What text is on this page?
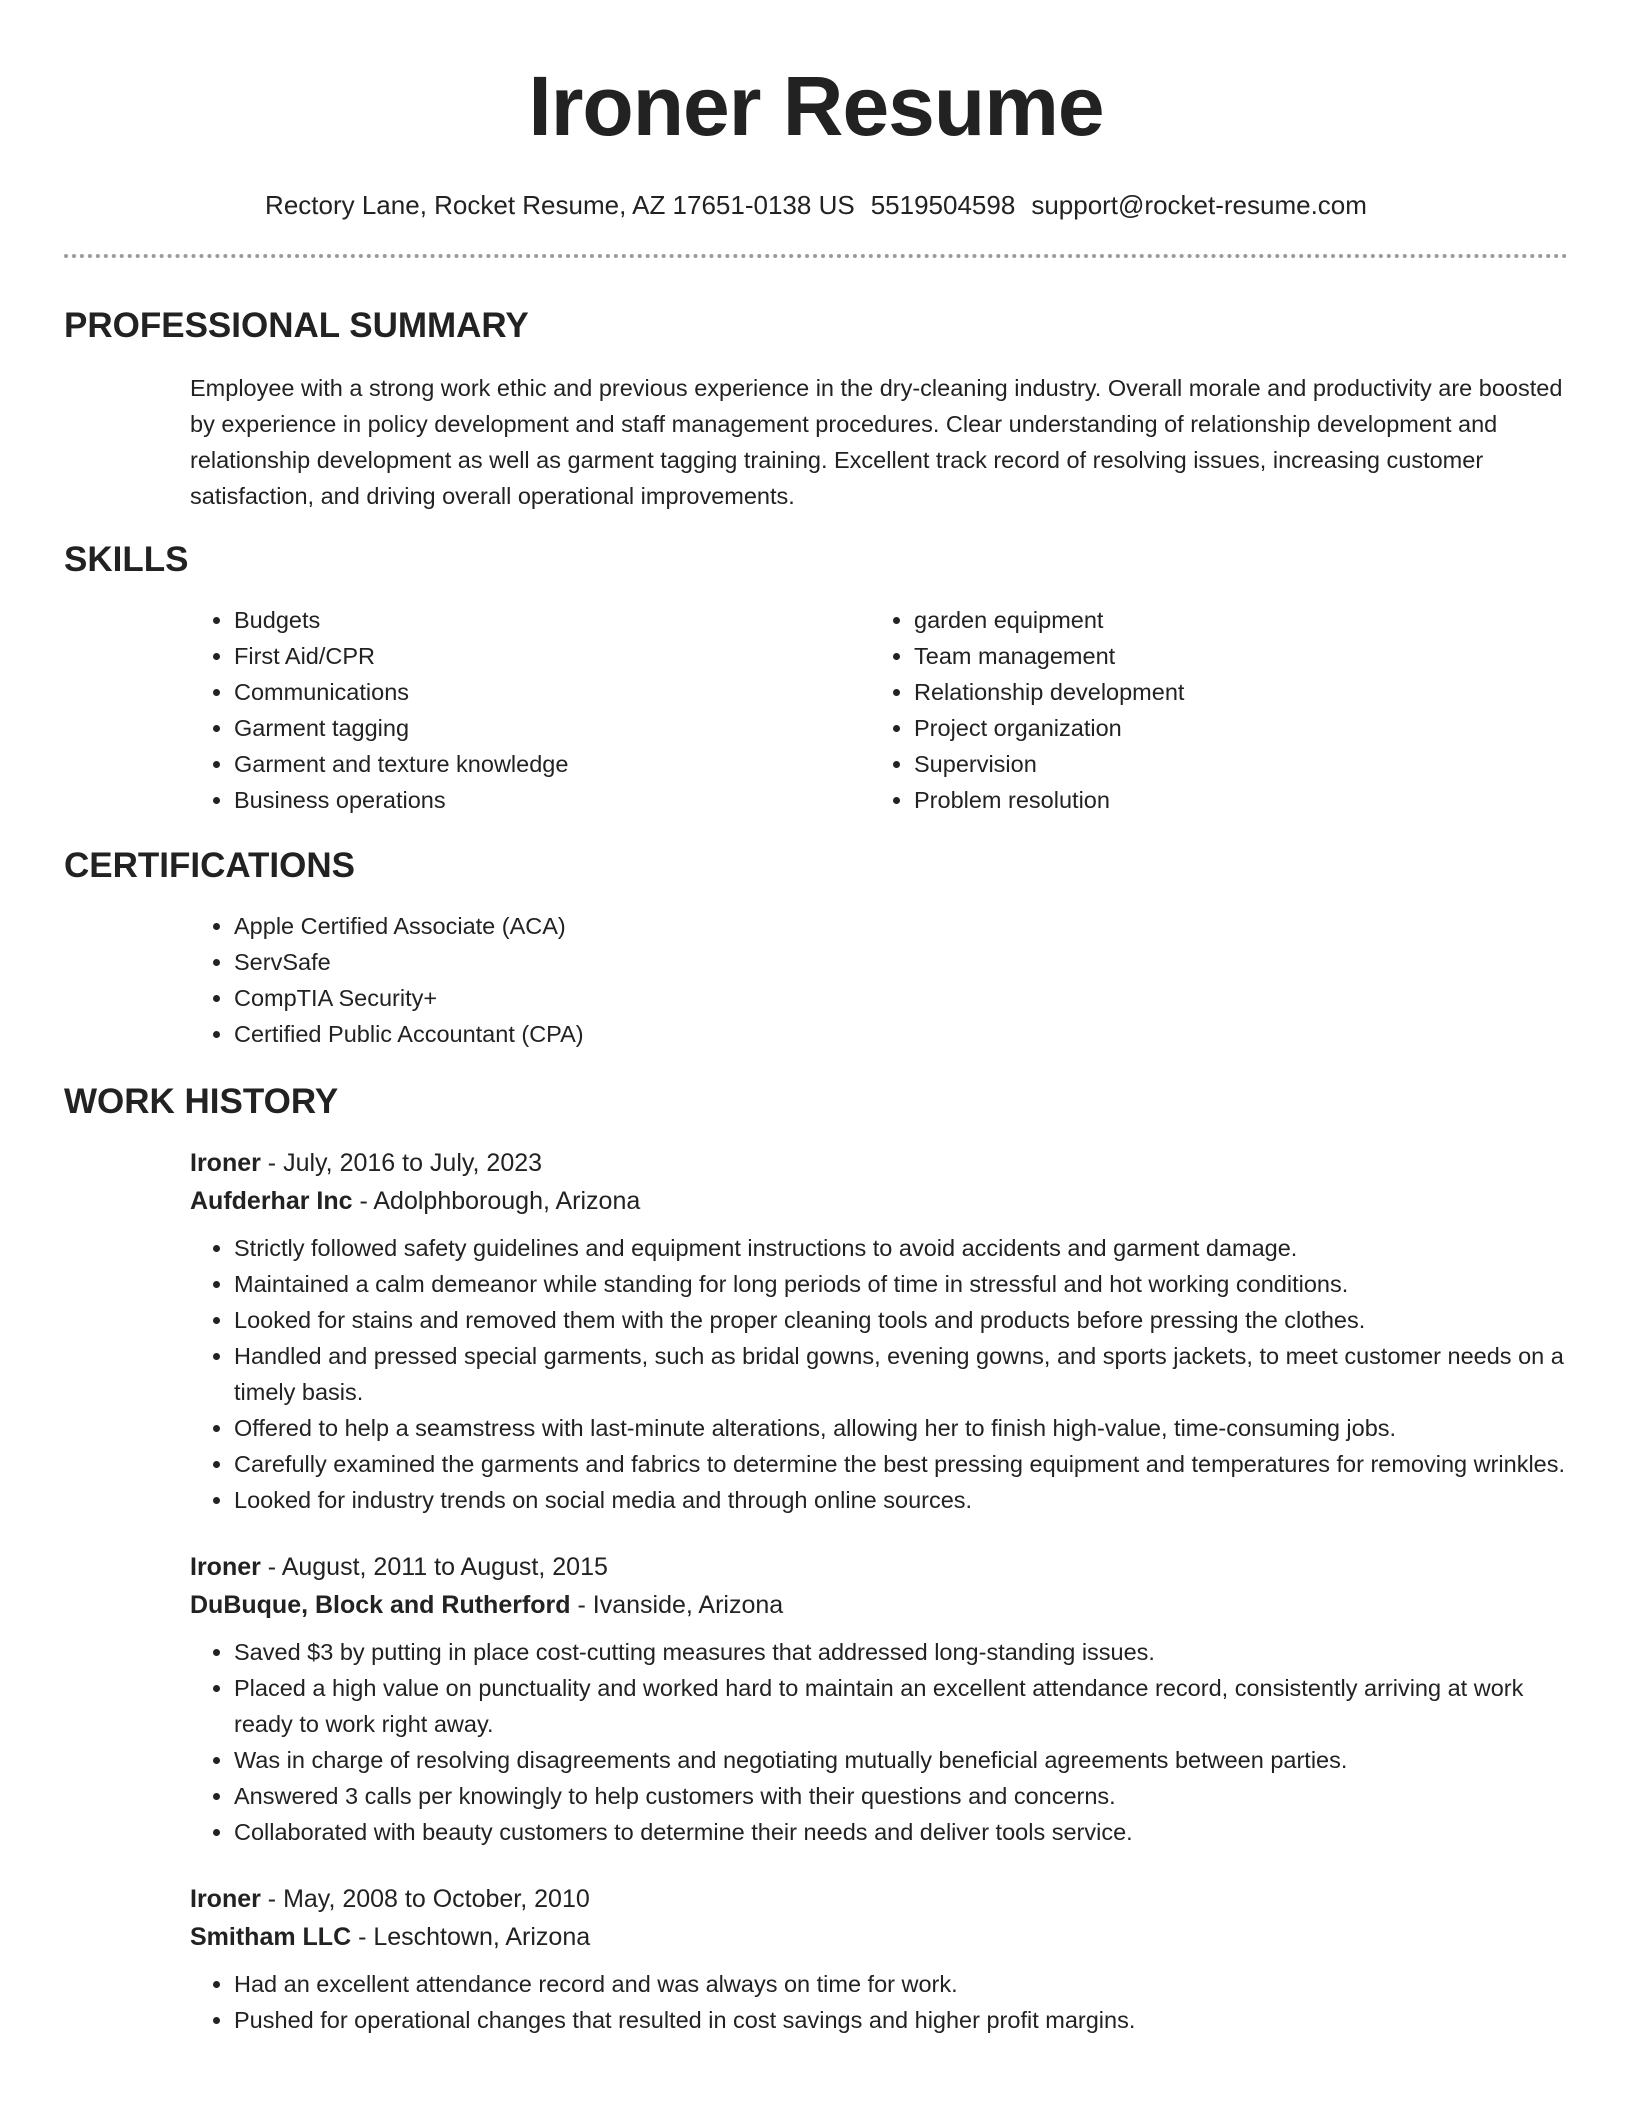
Ironer Resume
Rectory Lane, Rocket Resume, AZ 17651-0138 US 5519504598 support@rocket-resume.com
PROFESSIONAL SUMMARY

Employee with a strong work ethic and previous experience in the dry-cleaning industry. Overall morale and productivity are boosted by experience in policy development and staff management procedures. Clear understanding of relationship development and relationship development as well as garment tagging training. Excellent track record of resolving issues, increasing customer satisfaction, and driving overall operational improvements.

SKILLS
• Budgets
• First Aid/CPR
• Communications
• Garment tagging
• Garment and texture knowledge
• Business operations
• garden equipment
• Team management
• Relationship development
• Project organization
• Supervision
• Problem resolution
CERTIFICATIONS
• Apple Certified Associate (ACA)
• ServSafe
• CompTIA Security+
• Certified Public Accountant (CPA)
WORK HISTORY
Ironer - July, 2016 to July, 2023
Aufderhar Inc - Adolphborough, Arizona
• Strictly followed safety guidelines and equipment instructions to avoid accidents and garment damage.
• Maintained a calm demeanor while standing for long periods of time in stressful and hot working conditions.
• Looked for stains and removed them with the proper cleaning tools and products before pressing the clothes.
• Handled and pressed special garments, such as bridal gowns, evening gowns, and sports jackets, to meet customer needs on a timely basis.
• Offered to help a seamstress with last-minute alterations, allowing her to finish high-value, time-consuming jobs.
• Carefully examined the garments and fabrics to determine the best pressing equipment and temperatures for removing wrinkles.
• Looked for industry trends on social media and through online sources.
Ironer - August, 2011 to August, 2015
DuBuque, Block and Rutherford - Ivanside, Arizona
• Saved $3 by putting in place cost-cutting measures that addressed long-standing issues.
• Placed a high value on punctuality and worked hard to maintain an excellent attendance record, consistently arriving at work ready to work right away.
• Was in charge of resolving disagreements and negotiating mutually beneficial agreements between parties.
• Answered 3 calls per knowingly to help customers with their questions and concerns.
• Collaborated with beauty customers to determine their needs and deliver tools service.
Ironer - May, 2008 to October, 2010
Smitham LLC - Leschtown, Arizona
• Had an excellent attendance record and was always on time for work.
• Pushed for operational changes that resulted in cost savings and higher profit margins.
